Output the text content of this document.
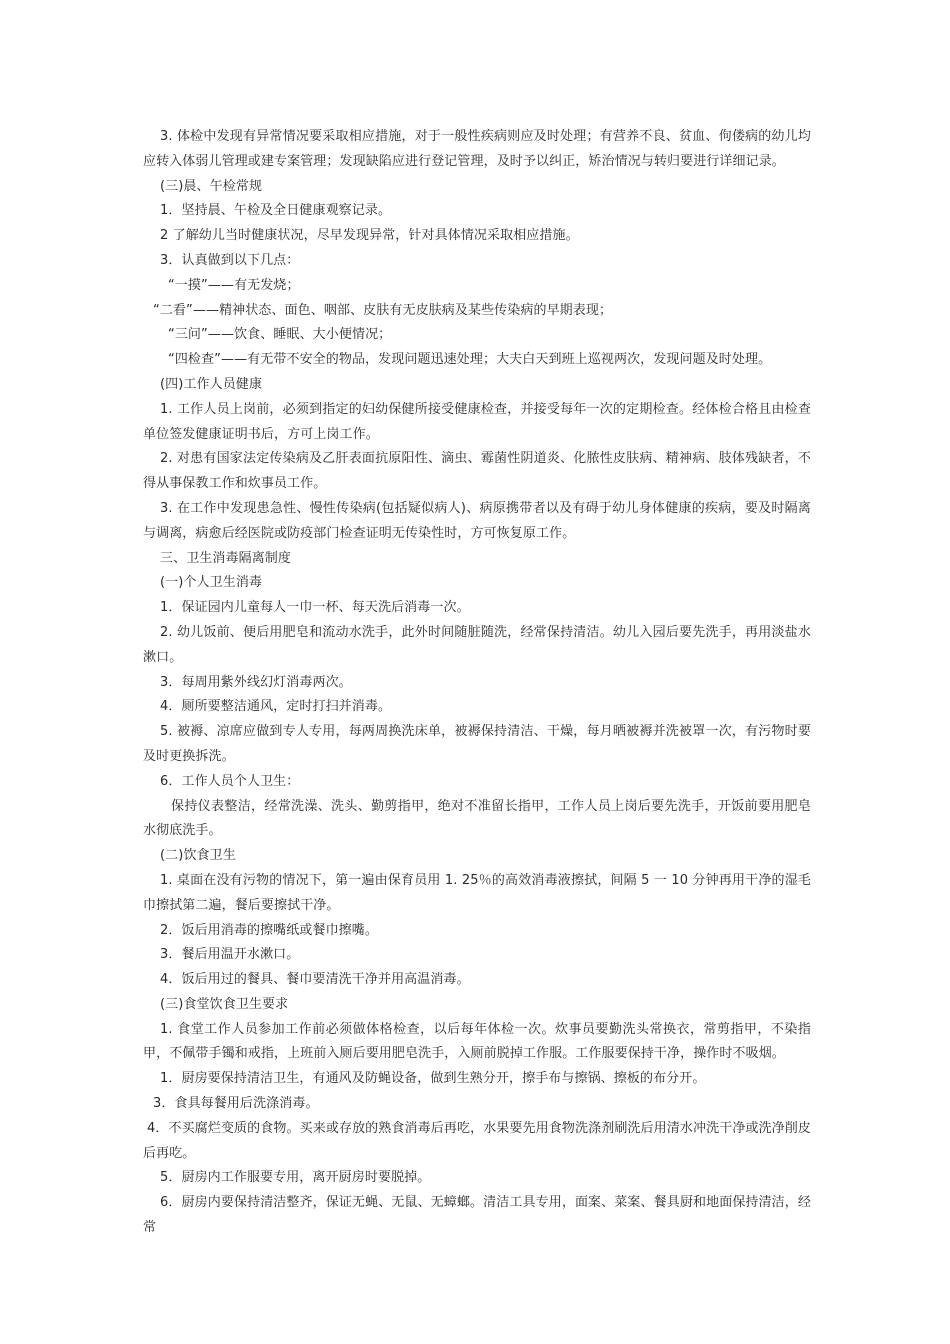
3. 体检中发现有异常情况要采取相应措施，对于一般性疾病则应及时处理；有营养不良、贫血、佝偻病的幼儿均应转入体弱儿管理或建专案管理；发现缺陷应进行登记管理，及时予以纠正，矫治情况与转归要进行详细记录。

(三)晨、午检常规

1．坚持晨、午检及全日健康观察记录。

2 了解幼儿当时健康状况，尽早发现异常，针对具体情况采取相应措施。

3．认真做到以下几点：

“一摸”——有无发烧；

“二看”——精神状态、面色、咽部、皮肤有无皮肤病及某些传染病的早期表现；

“三问”——饮食、睡眠、大小便情况；

“四检查”——有无带不安全的物品，发现问题迅速处理；大夫白天到班上巡视两次，发现问题及时处理。

(四)工作人员健康

1. 工作人员上岗前，必须到指定的妇幼保健所接受健康检查，并接受每年一次的定期检查。经体检合格且由检查单位签发健康证明书后，方可上岗工作。

2. 对患有国家法定传染病及乙肝表面抗原阳性、滴虫、霉菌性阴道炎、化脓性皮肤病、精神病、肢体残缺者，不得从事保教工作和炊事员工作。

3. 在工作中发现患急性、慢性传染病(包括疑似病人)、病原携带者以及有碍于幼儿身体健康的疾病，要及时隔离与调离，病愈后经医院或防疫部门检查证明无传染性时，方可恢复原工作。

三、卫生消毒隔离制度

(一)个人卫生消毒

1．保证园内儿童每人一巾一杯、每天洗后消毒一次。

2. 幼儿饭前、便后用肥皂和流动水洗手，此外时间随脏随洗，经常保持清洁。幼儿入园后要先洗手，再用淡盐水漱口。

3．每周用紫外线幻灯消毒两次。

4．厕所要整洁通风，定时打扫并消毒。

5. 被褥、凉席应做到专人专用，每两周换洗床单，被褥保持清洁、干燥，每月晒被褥并洗被罩一次，有污物时要及时更换拆洗。

6．工作人员个人卫生：

保持仪表整洁，经常洗澡、洗头、勤剪指甲，绝对不准留长指甲，工作人员上岗后要先洗手，开饭前要用肥皂水彻底洗手。

(二)饮食卫生

1. 桌面在没有污物的情况下，第一遍由保育员用 1. 25％的高效消毒液擦拭，间隔 5 一 10 分钟再用干净的湿毛巾擦拭第二遍，餐后要擦拭干净。

2．饭后用消毒的擦嘴纸或餐巾擦嘴。

3．餐后用温开水漱口。

4．饭后用过的餐具、餐巾要清洗干净并用高温消毒。

(三)食堂饮食卫生要求

1. 食堂工作人员参加工作前必须做体格检查，以后每年体检一次。炊事员要勤洗头常换衣，常剪指甲，不染指甲，不佩带手镯和戒指，上班前入厕后要用肥皂洗手，入厕前脱掉工作服。工作服要保持干净，操作时不吸烟。

1．厨房要保持清洁卫生，有通风及防蝇设备，做到生熟分开，擦手布与擦锅、擦板的布分开。

3．食具每餐用后洗涤消毒。

4．不买腐烂变质的食物。买来或存放的熟食消毒后再吃，水果要先用食物洗涤剂刷洗后用清水冲洗干净或洗净削皮后再吃。

5．厨房内工作服要专用，离开厨房时要脱掉。

6．厨房内要保持清洁整齐，保证无蝇、无鼠、无蟑螂。清洁工具专用，面案、菜案、餐具厨和地面保持清洁，经常
